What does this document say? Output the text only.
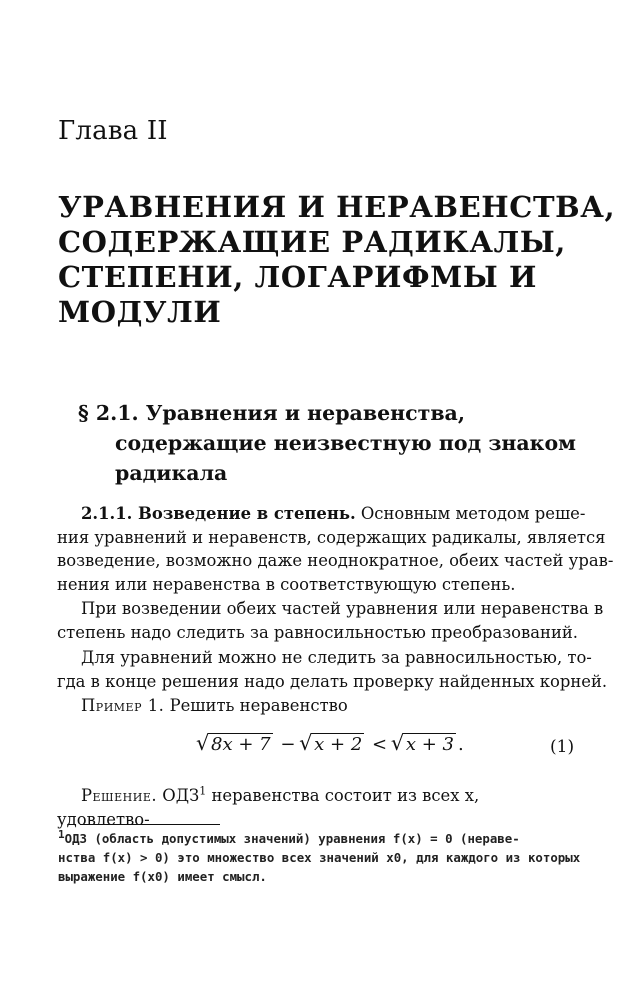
Глава II
УРАВНЕНИЯ И НЕРАВЕНСТВА,
СОДЕРЖАЩИЕ РАДИКАЛЫ,
СТЕПЕНИ, ЛОГАРИФМЫ И
МОДУЛИ
§ 2.1. Уравнения и неравенства,
содержащие неизвестную под знаком
радикала
2.1.1. Возведение в степень. Основным методом реше-
ния уравнений и неравенств, содержащих радикалы, является
возведение, возможно даже неоднократное, обеих частей урав-
нения или неравенства в соответствующую степень.
При возведении обеих частей уравнения или неравенства в
степень надо следить за равносильностью преобразований.
Для уравнений можно не следить за равносильностью, то-
гда в конце решения надо делать проверку найденных корней.
Пример 1. Решить неравенство
√ 8x + 7 − √ x + 2 < √ x + 3 .	(1)
Решение. ОДЗ$^1$ неравенства состоит из всех x, удовлетво-
$^1$ОДЗ (область допустимых значений) уравнения f(x) = 0 (нераве-
нства f(x) > 0) это множество всех значений x0, для каждого из которых
выражение f(x0) имеет смысл.
